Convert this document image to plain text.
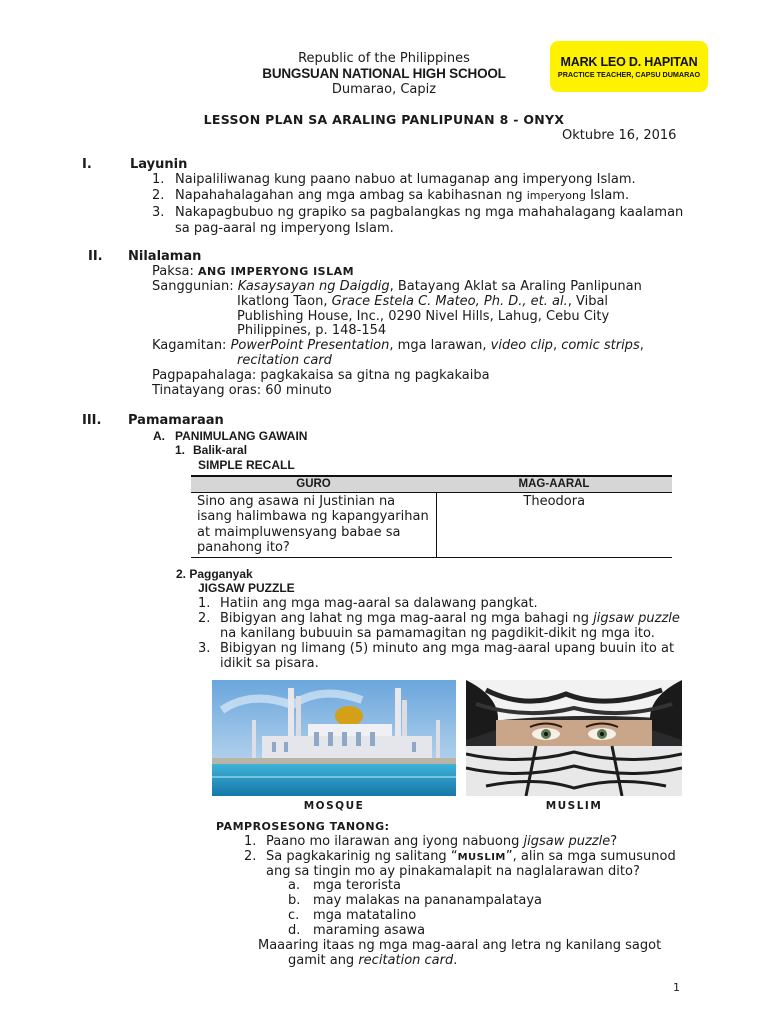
Republic of the Philippines
BUNGSUAN NATIONAL HIGH SCHOOL
Dumarao, Capiz
MARK LEO D. HAPITAN
PRACTICE TEACHER, CAPSU DUMARAO
LESSON PLAN SA ARALING PANLIPUNAN 8 - ONYX
Oktubre 16, 2016
I.	Layunin
1. Naipaliliwanag kung paano nabuo at lumaganap ang imperyong Islam.
2. Napahahalagahan ang mga ambag sa kabihasnan ng imperyong Islam.
3. Nakapagbubuo ng grapiko sa pagbalangkas ng mga mahahalagang kaalaman
sa pag-aaral ng imperyong Islam.
II. Nilalaman
Paksa: ANG IMPERYONG ISLAM
Sanggunian: Kasaysayan ng Daigdig, Batayang Aklat sa Araling Panlipunan
Ikatlong Taon, Grace Estela C. Mateo, Ph. D., et. al., Vibal
Publishing House, Inc., 0290 Nivel Hills, Lahug, Cebu City
Philippines, p. 148-154
Kagamitan: PowerPoint Presentation, mga larawan, video clip, comic strips,
recitation card
Pagpapahalaga: pagkakaisa sa gitna ng pagkakaiba
Tinatayang oras: 60 minuto
III. Pamamaraan
A. PANIMULANG GAWAIN
1. Balik-aral
SIMPLE RECALL
GURO	MAG-AARAL

Sino ang asawa ni Justinian na
isang halimbawa ng kapangyarihan
at maimpluwensyang babae sa
panahong ito?	Theodora
2. Pagganyak
JIGSAW PUZZLE
1. Hatiin ang mga mag-aaral sa dalawang pangkat.
2. Bibigyan ang lahat ng mga mag-aaral ng mga bahagi ng jigsaw puzzle
na kanilang bubuuin sa pamamagitan ng pagdikit-dikit ng mga ito.
3. Bibigyan ng limang (5) minuto ang mga mag-aaral upang buuin ito at
idikit sa pisara.
MOSQUE	MUSLIM
PAMPROSESONG TANONG:
1. Paano mo ilarawan ang iyong nabuong jigsaw puzzle?
2. Sa pagkakarinig ng salitang “MUSLIM”, alin sa mga sumusunod
ang sa tingin mo ay pinakamalapit na naglalarawan dito?
a. mga terorista
b. may malakas na pananampalataya
c. mga matatalino
d. maraming asawa
Maaaring itaas ng mga mag-aaral ang letra ng kanilang sagot
gamit ang recitation card.
1
